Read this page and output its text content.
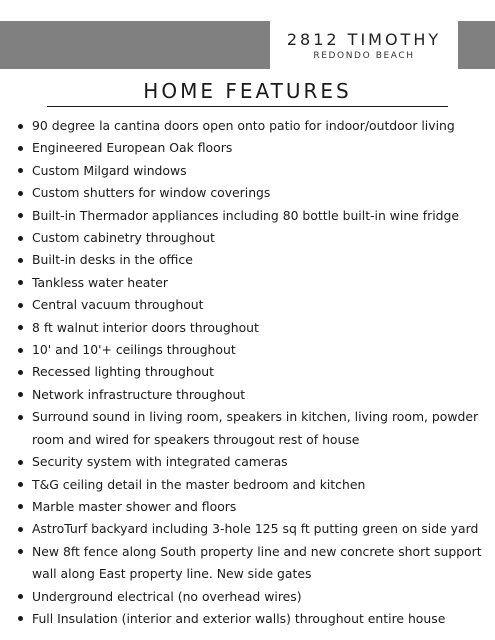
2812 TIMOTHY
REDONDO BEACH
HOME FEATURES
90 degree la cantina doors open onto patio for indoor/outdoor living
Engineered European Oak floors
Custom Milgard windows
Custom shutters for window coverings
Built-in Thermador appliances including 80 bottle built-in wine fridge
Custom cabinetry throughout
Built-in desks in the office
Tankless water heater
Central vacuum throughout
8 ft walnut interior doors throughout
10' and 10'+ ceilings throughout
Recessed lighting throughout
Network infrastructure throughout
Surround sound in living room, speakers in kitchen, living room, powder
room and wired for speakers througout rest of house
Security system with integrated cameras
T&G ceiling detail in the master bedroom and kitchen
Marble master shower and floors
AstroTurf backyard including 3-hole 125 sq ft putting green on side yard
New 8ft fence along South property line and new concrete short support
wall along East property line. New side gates
Underground electrical (no overhead wires)
Full Insulation (interior and exterior walls) throughout entire house
